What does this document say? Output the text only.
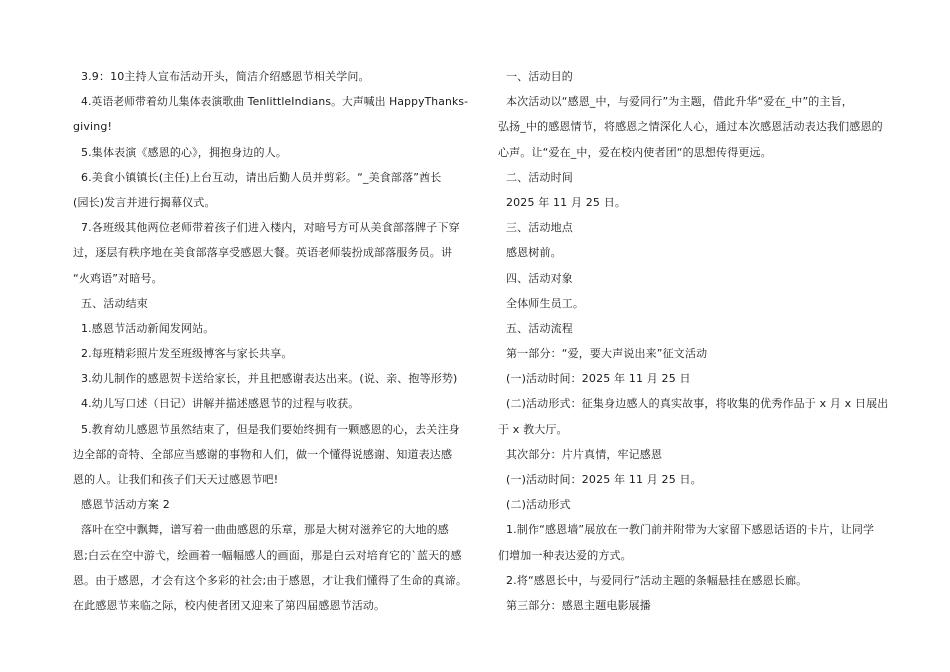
3.9：10主持人宣布活动开头，简洁介绍感恩节相关学问。
4.英语老师带着幼儿集体表演歌曲 TenlittleIndians。大声喊出 HappyThanks-
giving!
5.集体表演《感恩的心》，拥抱身边的人。
6.美食小镇镇长(主任)上台互动，请出后勤人员并剪彩。“_美食部落”酋长
(园长)发言并进行揭幕仪式。
7.各班级其他两位老师带着孩子们进入楼内，对暗号方可从美食部落牌子下穿
过，逐层有秩序地在美食部落享受感恩大餐。英语老师装扮成部落服务员。讲
“火鸡语”对暗号。
五、活动结束
1.感恩节活动新闻发网站。
2.每班精彩照片发至班级博客与家长共享。
3.幼儿制作的感恩贺卡送给家长，并且把感谢表达出来。(说、亲、抱等形势)
4.幼儿写口述（日记）讲解并描述感恩节的过程与收获。
5.教育幼儿感恩节虽然结束了，但是我们要始终拥有一颗感恩的心，去关注身
边全部的奇特、全部应当感谢的事物和人们，做一个懂得说感谢、知道表达感
恩的人。让我们和孩子们天天过感恩节吧!
感恩节活动方案 2
落叶在空中飘舞，谱写着一曲曲感恩的乐章，那是大树对滋养它的大地的感
恩;白云在空中游弋，绘画着一幅幅感人的画面，那是白云对培育它的`蓝天的感
恩。由于感恩，才会有这个多彩的社会;由于感恩，才让我们懂得了生命的真谛。
在此感恩节来临之际，校内使者团又迎来了第四届感恩节活动。
一、活动目的
本次活动以“感恩_中，与爱同行”为主题，借此升华“爱在_中”的主旨，
弘扬_中的感恩情节，将感恩之情深化人心，通过本次感恩活动表达我们感恩的
心声。让“爱在_中，爱在校内使者团“的思想传得更远。
二、活动时间
2025 年 11 月 25 日。
三、活动地点
感恩树前。
四、活动对象
全体师生员工。
五、活动流程
第一部分：“爱，要大声说出来”征文活动
(一)活动时间：2025 年 11 月 25 日
(二)活动形式：征集身边感人的真实故事，将收集的优秀作品于 x 月 x 日展出
于 x 教大厅。
其次部分：片片真情，牢记感恩
(一)活动时间：2025 年 11 月 25 日。
(二)活动形式
1.制作“感恩墙”展放在一教门前并附带为大家留下感恩话语的卡片，让同学
们增加一种表达爱的方式。
2.将“感恩长中，与爱同行”活动主题的条幅悬挂在感恩长廊。
第三部分：感恩主题电影展播
